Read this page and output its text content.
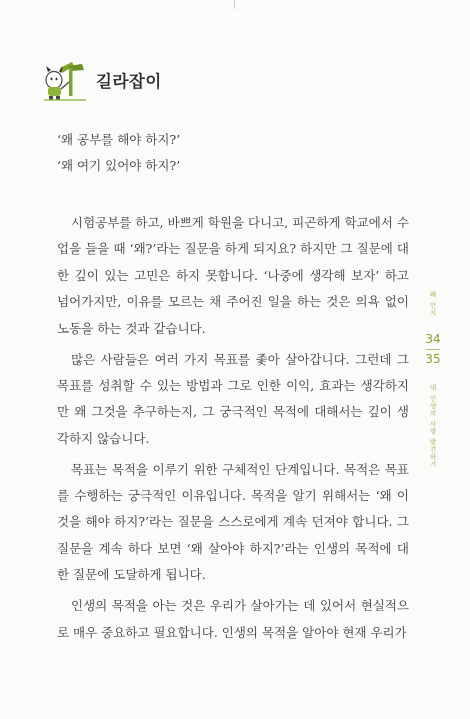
길라잡이
‘왜 공부를 해야 하지?’
‘왜 여기 있어야 하지?’

시험공부를 하고, 바쁘게 학원을 다니고, 피곤하게 학교에서 수업을 들을 때 ‘왜?’라는 질문을 하게 되지요? 하지만 그 질문에 대한 깊이 있는 고민은 하지 못합니다. ‘나중에 생각해 보자’ 하고 넘어가지만, 이유를 모르는 채 주어진 일을 하는 것은 의욕 없이 노동을 하는 것과 같습니다.

많은 사람들은 여러 가지 목표를 좇아 살아갑니다. 그런데 그 목표를 성취할 수 있는 방법과 그로 인한 이익, 효과는 생각하지만 왜 그것을 추구하는지, 그 궁극적인 목적에 대해서는 깊이 생각하지 않습니다.

목표는 목적을 이루기 위한 구체적인 단계입니다. 목적은 목표를 수행하는 궁극적인 이유입니다. 목적을 알기 위해서는 ‘왜 이것을 해야 하지?’라는 질문을 스스로에게 계속 던져야 합니다. 그 질문을 계속 하다 보면 ‘왜 살아야 하지?’라는 인생의 목적에 대한 질문에 도달하게 됩니다.

인생의 목적을 아는 것은 우리가 살아가는 데 있어서 현실적으로 매우 중요하고 필요합니다. 인생의 목적을 알아야 현재 우리가

왜 인지
34
35
내 인생의 사명 발견하기
